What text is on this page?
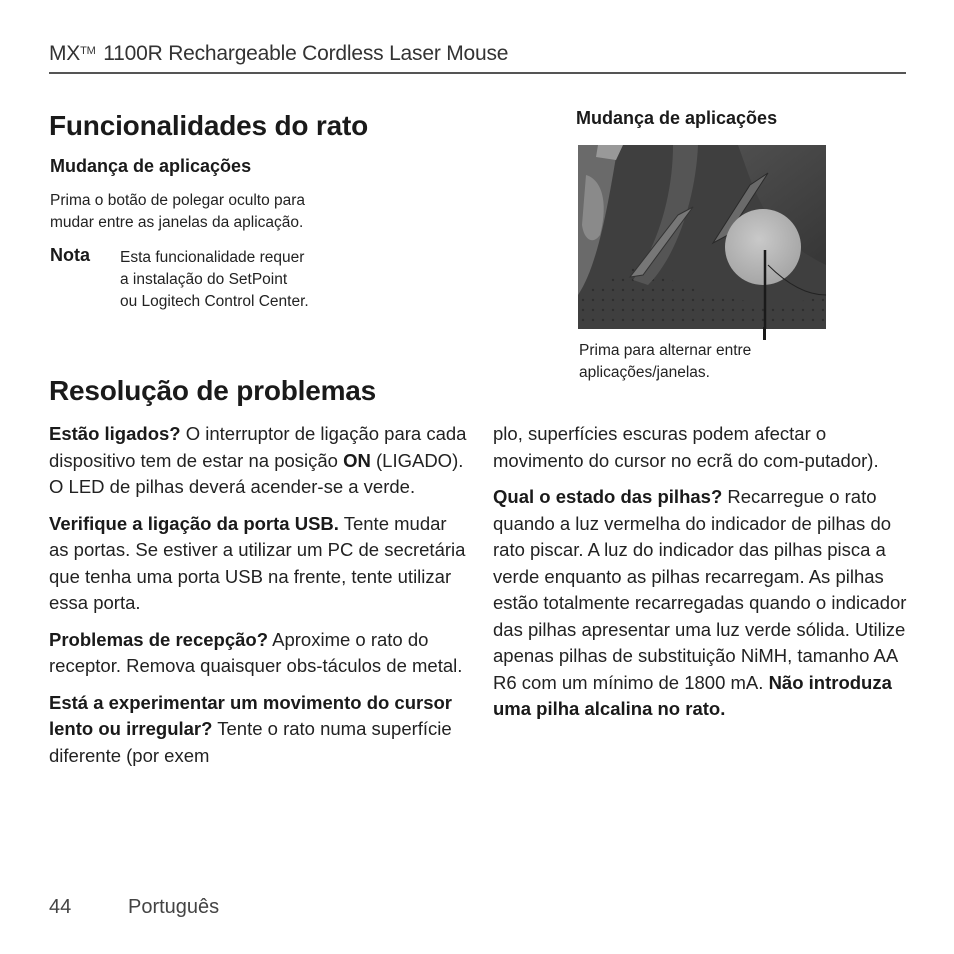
MX™ 1100R Rechargeable Cordless Laser Mouse
Funcionalidades do rato
Mudança de aplicações
Prima o botão de polegar oculto para
mudar entre as janelas da aplicação.
Nota Esta funcionalidade requer
a instalação do SetPoint
ou Logitech Control Center.
Mudança de aplicações
Prima para alternar entre
aplicações/janelas.
Resolução de problemas

Estão ligados? O interruptor de ligação para cada dispositivo tem de estar na posição ON (LIGADO). O LED de pilhas deverá acender-se a verde.

Verifique a ligação da porta USB. Tente mudar as portas. Se estiver a utilizar um PC de secretária que tenha uma porta USB na frente, tente utilizar essa porta.

Problemas de recepção? Aproxime o rato do receptor. Remova quaisquer obs-táculos de metal.

Está a experimentar um movimento do cursor lento ou irregular? Tente o rato numa superfície diferente (por exem

plo, superfícies escuras podem afectar o movimento do cursor no ecrã do com-putador).

Qual o estado das pilhas? Recarregue o rato quando a luz vermelha do indicador de pilhas do rato piscar. A luz do indicador das pilhas pisca a verde enquanto as pilhas recarregam. As pilhas estão totalmente recarregadas quando o indicador das pilhas apresentar uma luz verde sólida. Utilize apenas pilhas de substituição NiMH, tamanho AA R6 com um mínimo de 1800 mA. Não introduza uma pilha alcalina no rato.

44	Português
